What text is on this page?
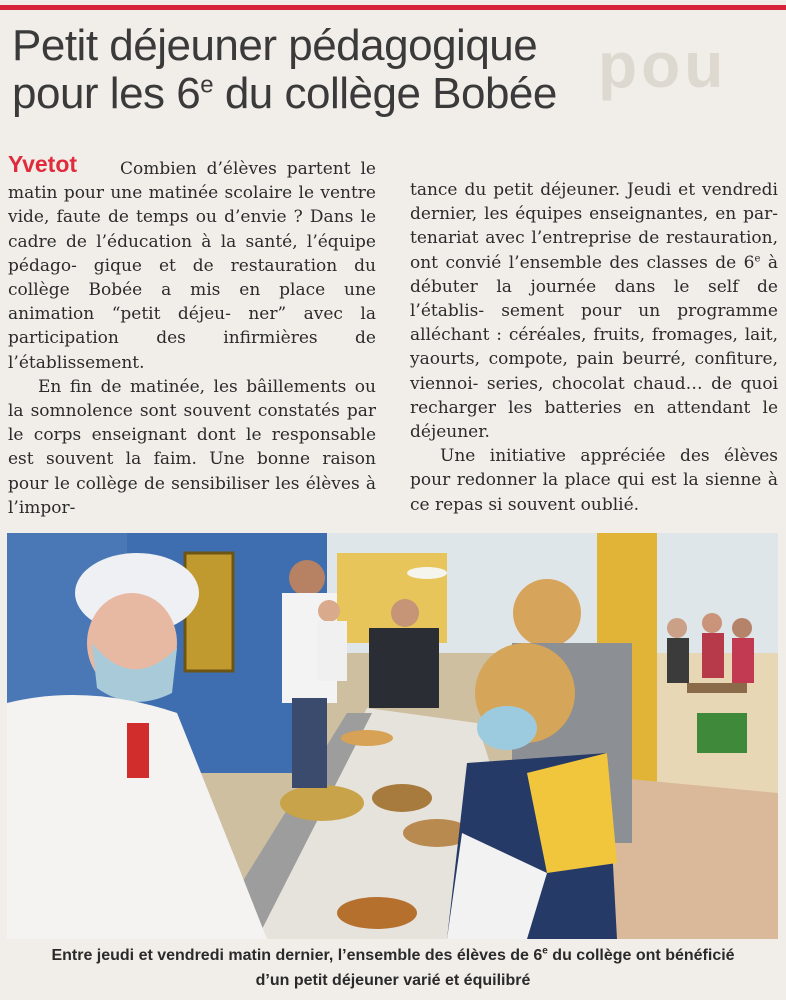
pou
Petit déjeuner pédagogique
pour les 6e du collège Bobée
Yvetot	Combien d’élèves partent le matin pour une matinée scolaire le ventre vide, faute de temps ou d’envie ? Dans le cadre de l’éducation à la santé, l’équipe pédago- gique et de restauration du collège Bobée a mis en place une animation “petit déjeu- ner” avec la participation des infirmières de l’établissement.

En fin de matinée, les bâillements ou la somnolence sont souvent constatés par le corps enseignant dont le responsable est souvent la faim. Une bonne raison pour le collège de sensibiliser les élèves à l’impor-

tance du petit déjeuner. Jeudi et vendredi dernier, les équipes enseignantes, en par- tenariat avec l’entreprise de restauration, ont convié l’ensemble des classes de 6e à débuter la journée dans le self de l’établis- sement pour un programme alléchant : céréales, fruits, fromages, lait, yaourts, compote, pain beurré, confiture, viennoi- series, chocolat chaud… de quoi recharger les batteries en attendant le déjeuner.

Une initiative appréciée des élèves pour redonner la place qui est la sienne à ce repas si souvent oublié.

Entre jeudi et vendredi matin dernier, l’ensemble des élèves de 6e du collège ont bénéficié
d’un petit déjeuner varié et équilibré
